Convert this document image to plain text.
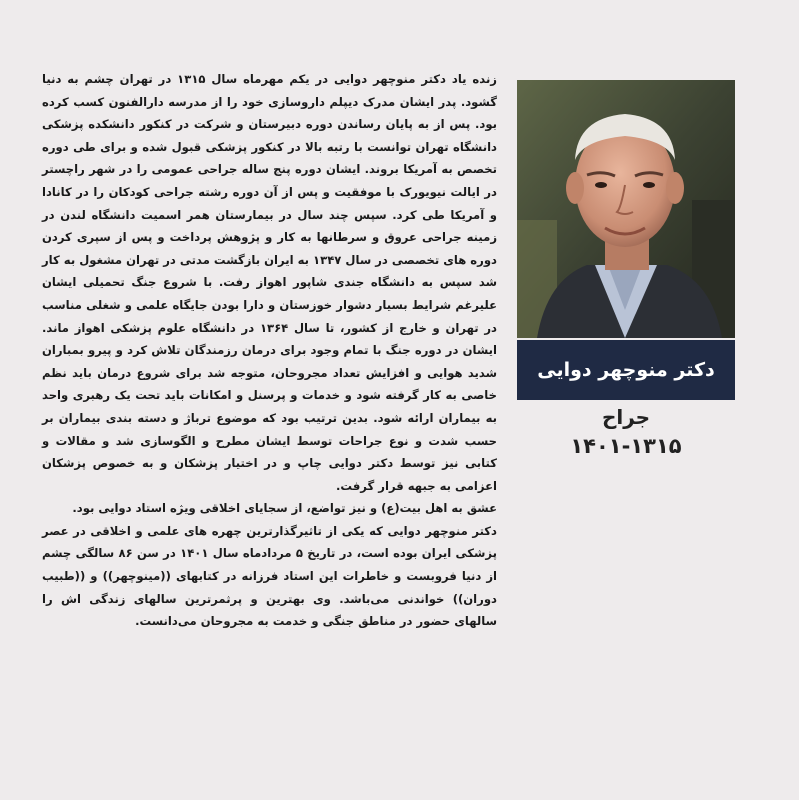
دکتر منوچهر دوایی
جراح
۱۴۰۱-۱۳۱۵

زنده یاد دکتر منوچهر دوایی در یکم مهرماه سال ۱۳۱۵ در تهران چشم به دنیا گشود. پدر ایشان مدرک دیپلم داروسازی خود را از مدرسه دارالفنون کسب کرده بود. پس از به پایان رساندن دوره دبیرستان و شرکت در کنکور دانشکده پزشکی دانشگاه تهران توانست با رتبه بالا در کنکور پزشکی قبول شده و برای طی دوره تخصص به آمریکا بروند. ایشان دوره پنج ساله جراحی عمومی را در شهر راچستر در ایالت نیویورک با موفقیت و پس از آن دوره رشته جراحی کودکان را در کانادا و آمریکا طی کرد. سپس چند سال در بیمارستان همر اسمیت دانشگاه لندن در زمینه جراحی عروق و سرطانها به کار و پژوهش پرداخت و پس از سپری کردن دوره های تخصصی در سال ۱۳۴۷ به ایران بازگشت مدتی در تهران مشغول به کار شد سپس به دانشگاه جندی شاپور اهواز رفت. با شروع جنگ تحمیلی ایشان علیرغم شرایط بسیار دشوار خوزستان و دارا بودن جایگاه علمی و شغلی مناسب در تهران و خارج از کشور، تا سال ۱۳۶۴ در دانشگاه علوم پزشکی اهواز ماند. ایشان در دوره جنگ با تمام وجود برای درمان رزمندگان تلاش کرد و پیرو بمباران شدید هوایی و افزایش تعداد مجروحان، متوجه شد برای شروع درمان باید نظم خاصی به کار گرفته شود و خدمات و پرسنل و امکانات باید تحت یک رهبری واحد به بیماران ارائه شود. بدین ترتیب بود که موضوع ترباژ و دسته بندی بیماران بر حسب شدت و نوع جراحات توسط ایشان مطرح و الگوسازی شد و مقالات و کتابی نیز توسط دکتر دوایی چاپ و در اختیار پزشکان و به خصوص پزشکان اعزامی به جبهه قرار گرفت.

عشق به اهل بیت(ع) و نیز تواضع، از سجایای اخلاقی ویژه استاد دوایی بود.

دکتر منوچهر دوایی که یکی از تاثیرگذارترین چهره های علمی و اخلاقی در عصر پزشکی ایران بوده است، در تاریخ ۵ مردادماه سال ۱۴۰۱ در سن ۸۶ سالگی چشم از دنیا فروبست و خاطرات این استاد فرزانه در کتابهای ((مینوچهر)) و ((طبیب دوران)) خواندنی می‌باشد. وی بهترین و پرثمرترین سالهای زندگی اش را سالهای حضور در مناطق جنگی و خدمت به مجروحان می‌دانست.
